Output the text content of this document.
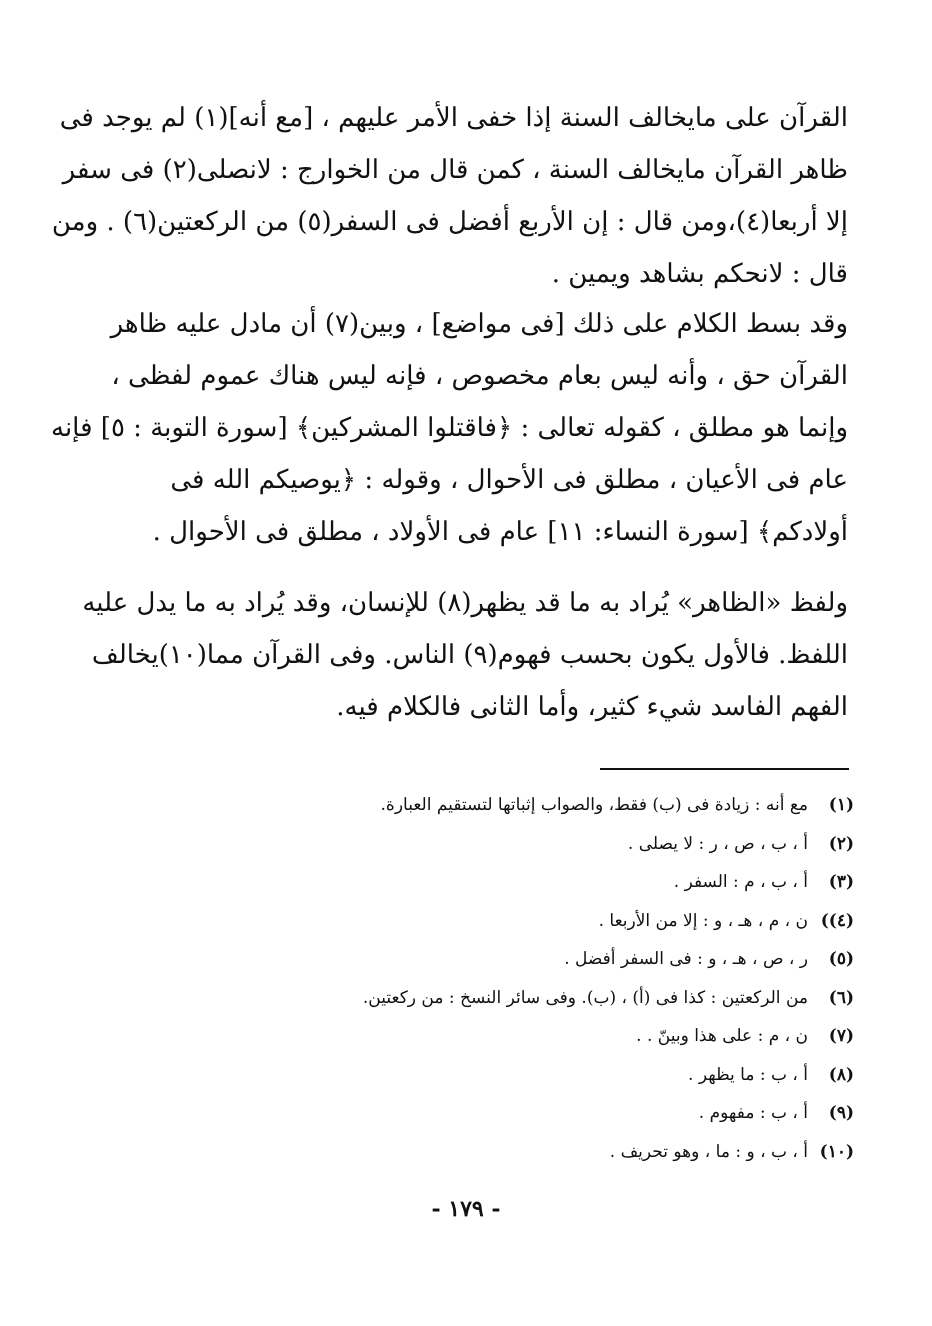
القرآن على مايخالف السنة إذا خفى الأمر عليهم ، [مع أنه](١) لم يوجد فى
ظاهر القرآن مايخالف السنة ، كمن قال من الخوارج : لانصلى(٢) فى سفر
إلا أربعا(٤)،ومن قال : إن الأربع أفضل فى السفر(٥) من الركعتين(٦) . ومن
قال : لانحكم بشاهد ويمين .
وقد بسط الكلام على ذلك [فى مواضع] ، وبين(٧) أن مادل عليه ظاهر
القرآن حق ، وأنه ليس بعام مخصوص ، فإنه ليس هناك عموم لفظى ،
وإنما هو مطلق ، كقوله تعالى : ﴿فاقتلوا المشركين﴾ [سورة التوبة : ٥] فإنه
عام فى الأعيان ، مطلق فى الأحوال ، وقوله : ﴿يوصيكم الله فى
أولادكم﴾ [سورة النساء: ١١] عام فى الأولاد ، مطلق فى الأحوال .
ولفظ «الظاهر» يُراد به ما قد يظهر(٨) للإنسان، وقد يُراد به ما يدل عليه
اللفظ. فالأول يكون بحسب فهوم(٩) الناس. وفى القرآن مما(١٠)يخالف
الفهم الفاسد شيء كثير، وأما الثانى فالكلام فيه.
(١)
مع أنه : زيادة فى (ب) فقط، والصواب إثباتها لتستقيم العبارة.
(٢)
أ ، ب ، ص ، ر : لا يصلى .
(٣)
أ ، ب ، م : السفر .
(٤))
ن ، م ، هـ ، و : إلا من الأربعا .
(٥)
ر ، ص ، هـ ، و : فى السفر أفضل .
(٦)
من الركعتين : كذا فى (أ) ، (ب). وفى سائر النسخ : من ركعتين.
(٧)
ن ، م : على هذا وبينّ . .
(٨)
أ ، ب : ما يظهر .
(٩)
أ ، ب : مفهوم .
(١٠)
أ ، ب ، و : ما ، وهو تحريف .
- ١٧٩ -
